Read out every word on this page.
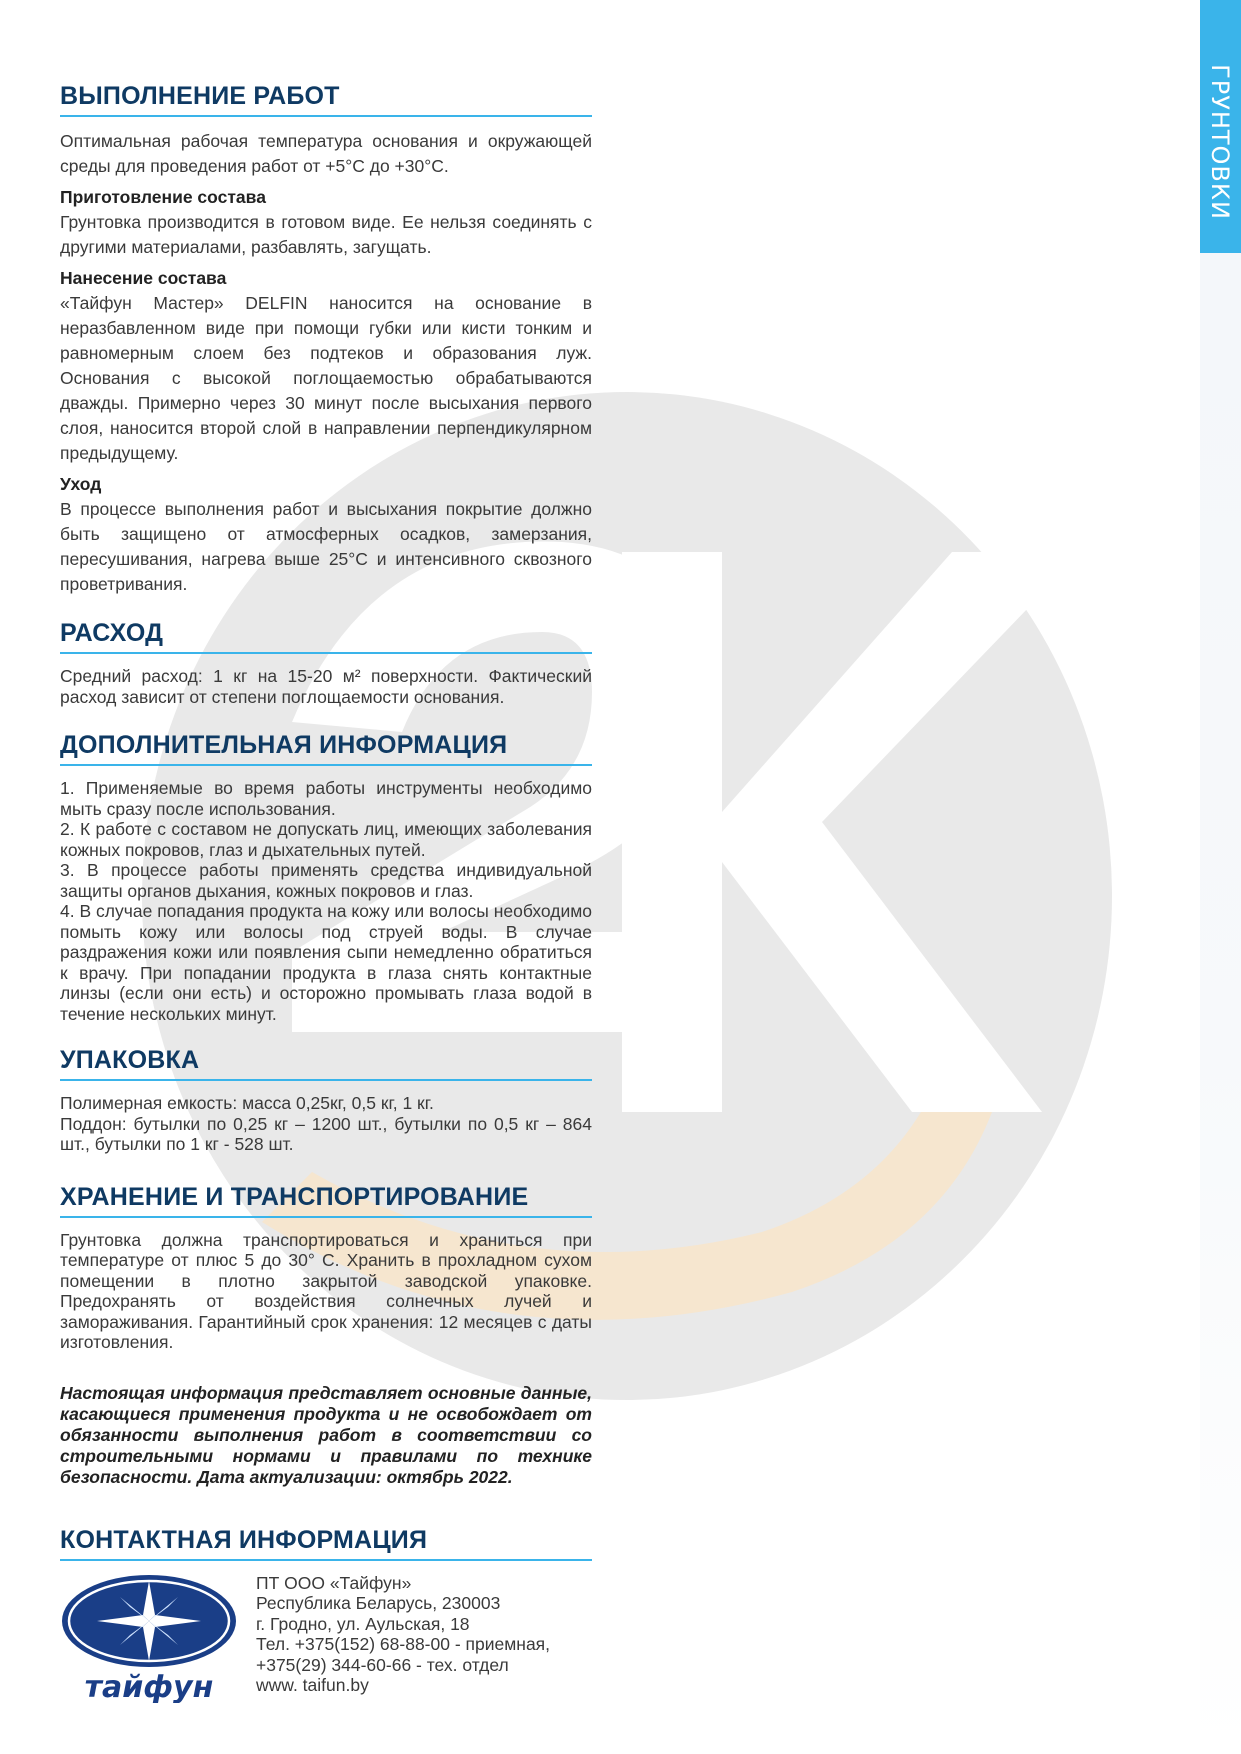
ГРУНТОВКИ
ВЫПОЛНЕНИЕ РАБОТ

Оптимальная рабочая температура основания и окружающей среды для проведения работ от +5°С до +30°С.

Приготовление состава

Грунтовка производится в готовом виде. Ее нельзя соединять с другими материалами, разбавлять, загущать.

Нанесение состава

«Тайфун Мастер» DELFIN наносится на основание в неразбавленном виде при помощи губки или кисти тонким и равномерным слоем без подтеков и образования луж. Основания с высокой поглощаемостью обрабатываются дважды. Примерно через 30 минут после высыхания первого слоя, наносится второй слой в направлении перпендикулярном предыдущему.

Уход

В процессе выполнения работ и высыхания покрытие должно быть защищено от атмосферных осадков, замерзания, пересушивания, нагрева выше 25°С и интенсивного сквозного проветривания.

РАСХОД

Средний расход: 1 кг на 15-20 м² поверхности. Фактический расход зависит от степени поглощаемости основания.

ДОПОЛНИТЕЛЬНАЯ ИНФОРМАЦИЯ

1. Применяемые во время работы инструменты необходимо мыть сразу после использования.

2. К работе с составом не допускать лиц, имеющих заболевания кожных покровов, глаз и дыхательных путей.

3. В процессе работы применять средства индивидуальной защиты органов дыхания, кожных покровов и глаз.

4. В случае попадания продукта на кожу или волосы необходимо помыть кожу или волосы под струей воды. В случае раздражения кожи или появления сыпи немедленно обратиться к врачу. При попадании продукта в глаза снять контактные линзы (если они есть) и осторожно промывать глаза водой в течение нескольких минут.

УПАКОВКА

Полимерная емкость: масса 0,25кг, 0,5 кг, 1 кг.

Поддон: бутылки по 0,25 кг – 1200 шт., бутылки по 0,5 кг – 864 шт., бутылки по 1 кг - 528 шт.

ХРАНЕНИЕ И ТРАНСПОРТИРОВАНИЕ

Грунтовка должна транспортироваться и храниться при температуре от плюс 5 до 30° С. Хранить в прохладном сухом помещении в плотно закрытой заводской упаковке. Предохранять от воздействия солнечных лучей и замораживания. Гарантийный срок хранения: 12 месяцев с даты изготовления.

Настоящая информация представляет основные данные, касающиеся применения продукта и не освобождает от обязанности выполнения работ в соответствии со строительными нормами и правилами по технике безопасности. Дата актуализации: октябрь 2022.

КОНТАКТНАЯ ИНФОРМАЦИЯ
тайфун
ПТ ООО «Тайфун»
Республика Беларусь, 230003
г. Гродно, ул. Аульская, 18
Тел. +375(152) 68-88-00 - приемная,
+375(29) 344-60-66 - тех. отдел
www. taifun.by
